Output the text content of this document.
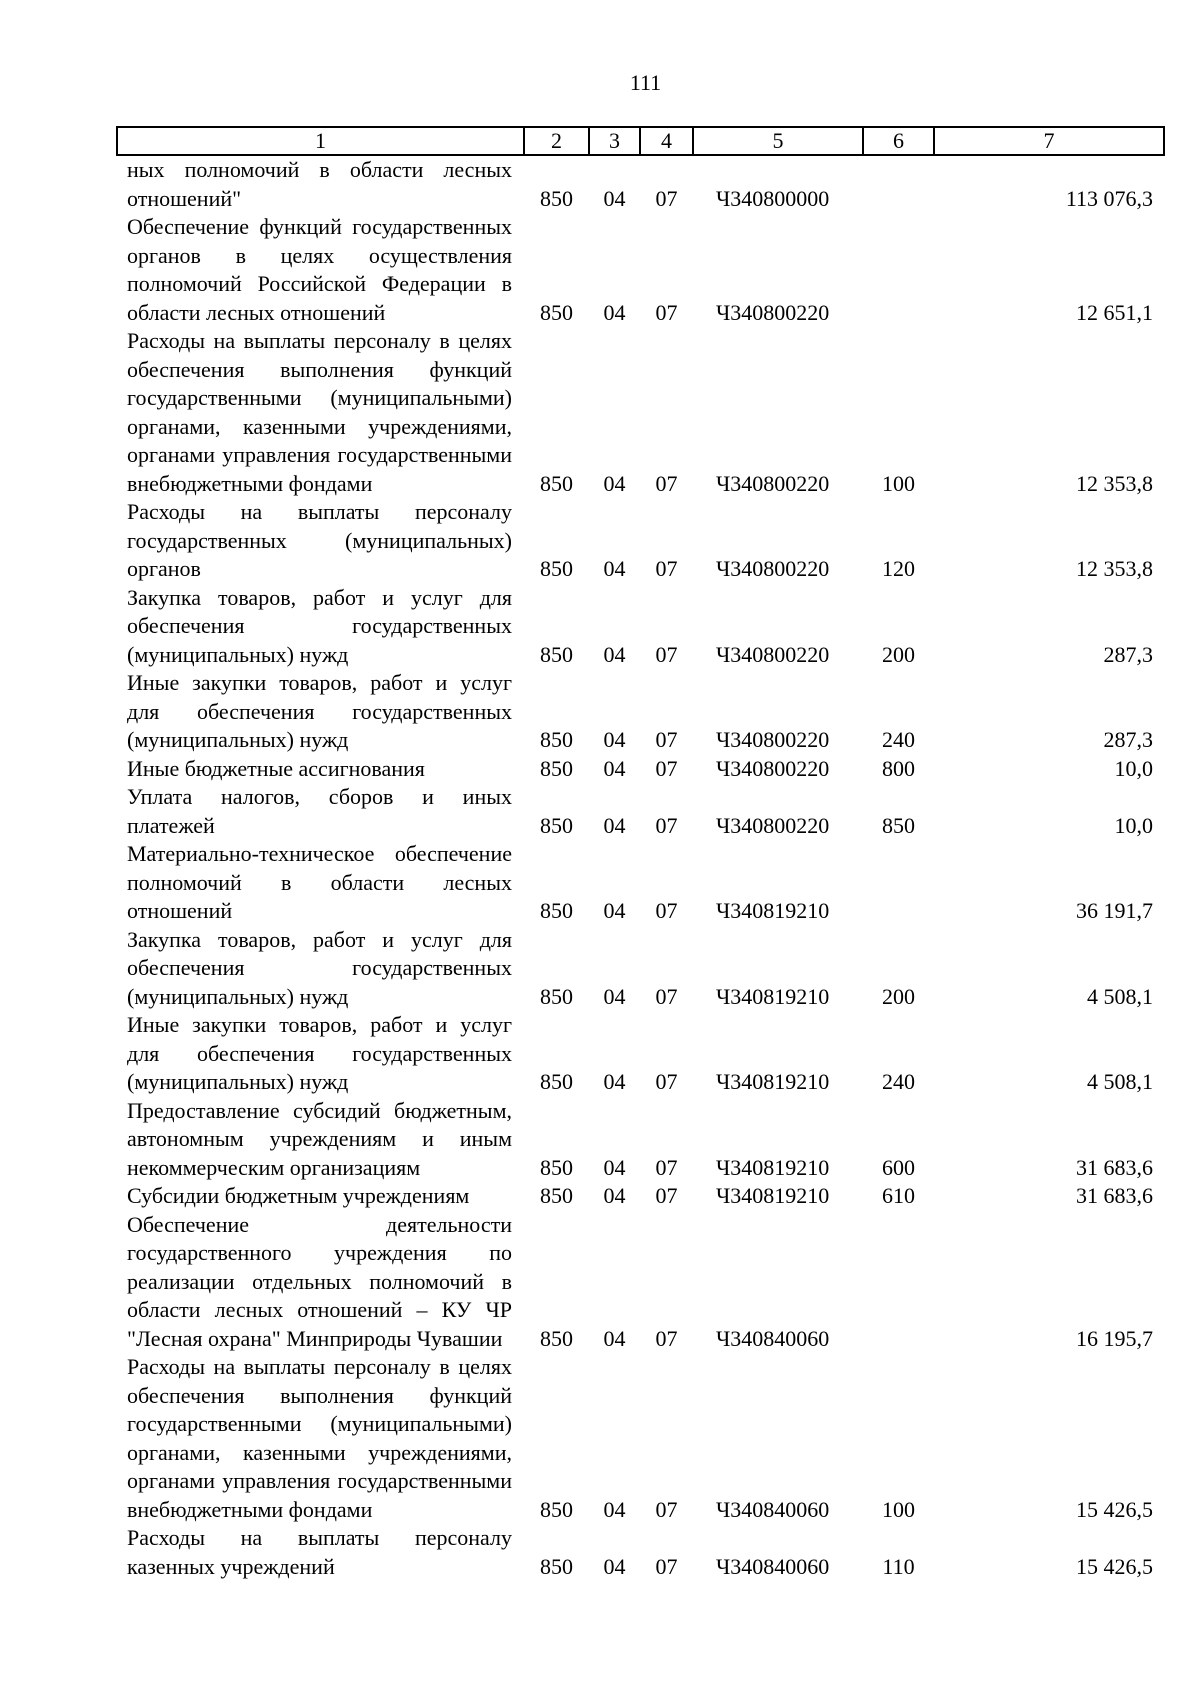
111
1	2	3	4	5	6	7
ных полномочий в области лесных отношений"	850	04	07	Ч340800000		113 076,3
Обеспечение функций государственных органов в целях осуществления полномочий Российской Федерации в области лесных отношений	850	04	07	Ч340800220		12 651,1
Расходы на выплаты персоналу в целях обеспечения выполнения функций государственными (муниципальными) органами, казенными учреждениями, органами управления государственными внебюджетными фондами	850	04	07	Ч340800220	100	12 353,8
Расходы на выплаты персоналу государственных (муниципальных) органов	850	04	07	Ч340800220	120	12 353,8
Закупка товаров, работ и услуг для обеспечения государственных (муниципальных) нужд	850	04	07	Ч340800220	200	287,3
Иные закупки товаров, работ и услуг для обеспечения государственных (муниципальных) нужд	850	04	07	Ч340800220	240	287,3
Иные бюджетные ассигнования	850	04	07	Ч340800220	800	10,0
Уплата налогов, сборов и иных платежей	850	04	07	Ч340800220	850	10,0
Материально-техническое обеспечение полномочий в области лесных отношений	850	04	07	Ч340819210		36 191,7
Закупка товаров, работ и услуг для обеспечения государственных (муниципальных) нужд	850	04	07	Ч340819210	200	4 508,1
Иные закупки товаров, работ и услуг для обеспечения государственных (муниципальных) нужд	850	04	07	Ч340819210	240	4 508,1
Предоставление субсидий бюджетным, автономным учреждениям и иным некоммерческим организациям	850	04	07	Ч340819210	600	31 683,6
Субсидии бюджетным учреждениям	850	04	07	Ч340819210	610	31 683,6
Обеспечение деятельности государственного учреждения по реализации отдельных полномочий в области лесных отношений – КУ ЧР "Лесная охрана" Минприроды Чувашии	850	04	07	Ч340840060		16 195,7
Расходы на выплаты персоналу в целях обеспечения выполнения функций государственными (муниципальными) органами, казенными учреждениями, органами управления государственными внебюджетными фондами	850	04	07	Ч340840060	100	15 426,5
Расходы на выплаты персоналу казенных учреждений	850	04	07	Ч340840060	110	15 426,5
